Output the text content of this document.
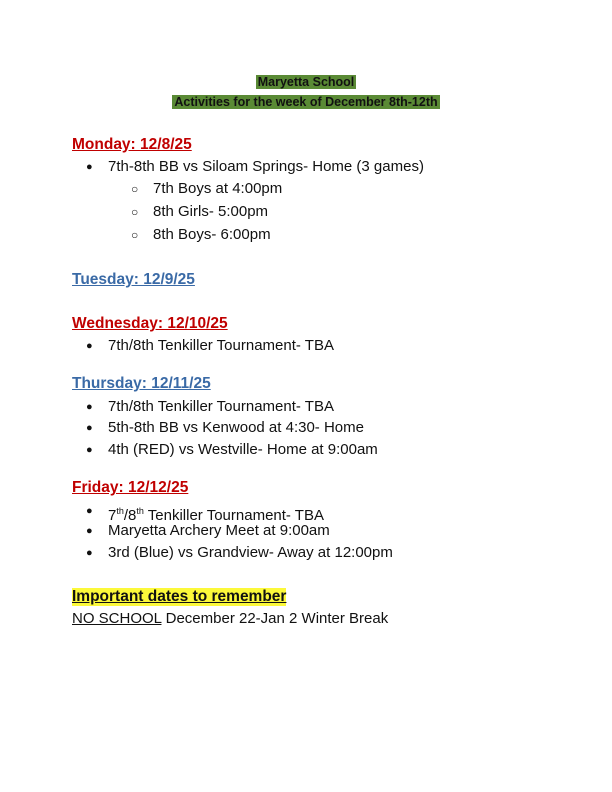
Maryetta School
Activities for the week of December 8th-12th
Monday: 12/8/25
● 7th-8th BB vs Siloam Springs- Home (3 games)
○ 7th Boys at 4:00pm
○ 8th Girls- 5:00pm
○ 8th Boys- 6:00pm
Tuesday: 12/9/25
Wednesday: 12/10/25
● 7th/8th Tenkiller Tournament- TBA
Thursday: 12/11/25
● 7th/8th Tenkiller Tournament- TBA
● 5th-8th BB vs Kenwood at 4:30- Home
● 4th (RED) vs Westville- Home at 9:00am
Friday: 12/12/25
● 7th/8th Tenkiller Tournament- TBA
● Maryetta Archery Meet at 9:00am
● 3rd (Blue) vs Grandview- Away at 12:00pm
Important dates to remember
NO SCHOOL December 22-Jan 2 Winter Break
